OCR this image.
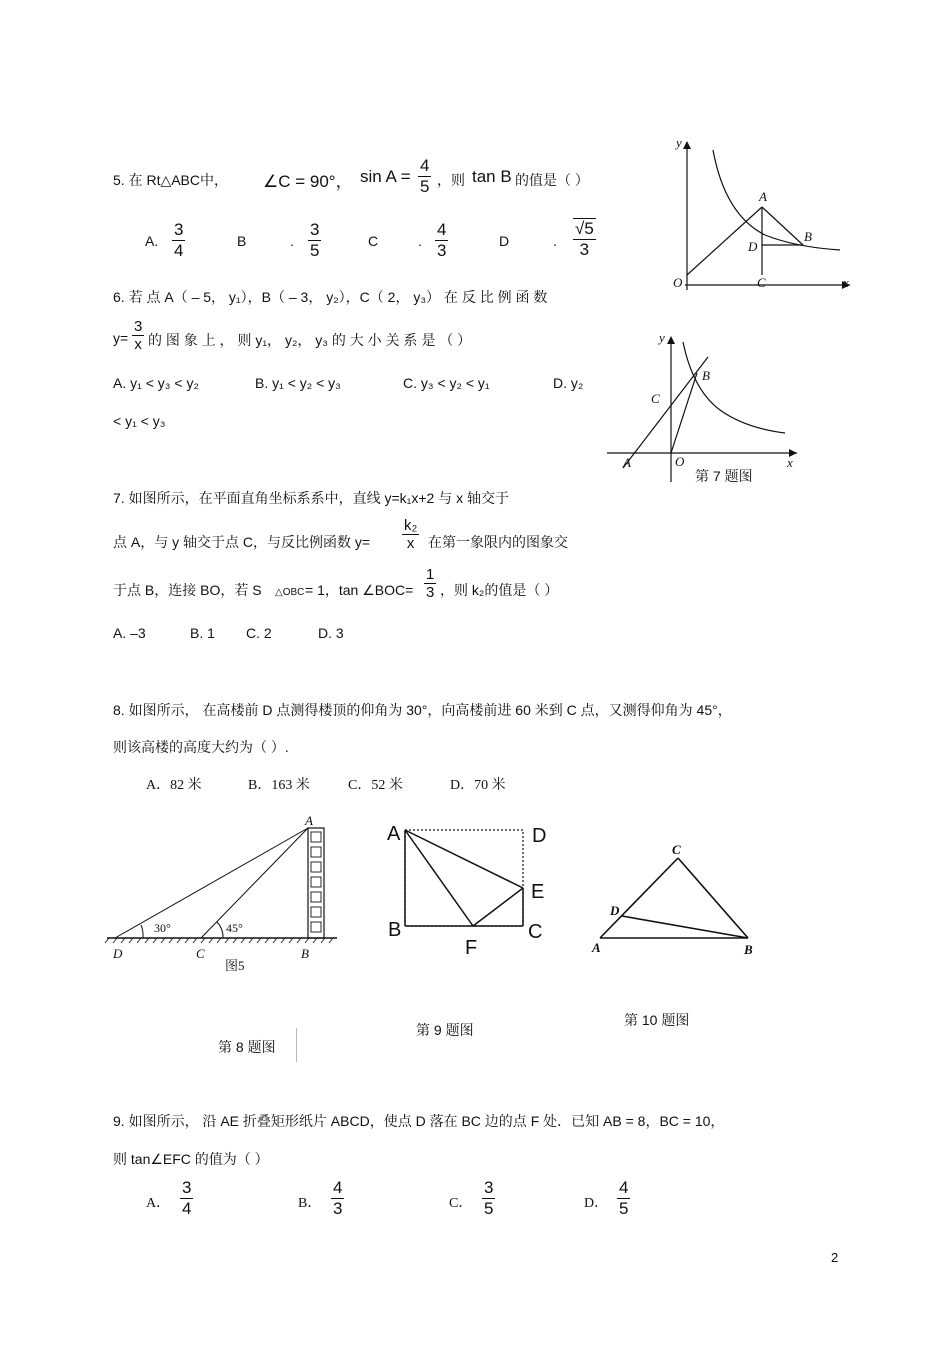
5. 在 Rt△ABC中， ∠C = 90°， $\sin A = \frac{4}{5}$ ，则 tan B 的值是（ ）
A. $\frac{3}{4}$	B	. $\frac{3}{5}$	C	. $\frac{4}{3}$	D	. $\frac{√5}{3}$
y
A
B
D
O	C	x
6. 若 点 A（ – 5， y₁），B（ – 3， y₂），C（ 2， y₃） 在 反 比 例 函 数
$y= \frac{3}{x}$ 的 图 象 上 ， 则 y₁， y₂， y₃ 的 大 小 关 系 是 （ ）
A. y₁ < y₃ < y₂	B. y₁ < y₂ < y₃	C. y₃ < y₂ < y₁	D. y₂
< y₁ < y₃
y
C
B
A	O	x
第 7 题图
7. 如图所示，在平面直角坐标系系中，直线 y=k₁x+2 与 x 轴交于
点 A，与 y 轴交于点 C，与反比例函数 $y= \frac{\text{k₂}}{x}$ 在第一象限内的图象交
于点 B，连接 BO，若 S △OBC = 1，tan ∠BOC= $\frac{1}{3}$ ，则 k₂的值是（ ）
A. –3	B. 1 C. 2	D. 3
8. 如图所示， 在高楼前 D 点测得楼顶的仰角为 30°，向高楼前进 60 米到 C 点，又测得仰角为 45°，
则该高楼的高度大约为（ ）.
A．82 米	B．163 米	C．52 米	D．70 米
A
30°	45°
D	C	B
图5
A	D
E
B	C
F
C
D
A	B
第 10 题图
第 9 题图
第 8 题图
9. 如图所示， 沿 AE 折叠矩形纸片 ABCD，使点 D 落在 BC 边的点 F 处．已知 AB = 8，BC = 10，
则 tan∠EFC 的值为（ ）
A． $\frac{3}{4}$	B． $\frac{4}{3}$	C． $\frac{3}{5}$	D． $\frac{4}{5}$
2
